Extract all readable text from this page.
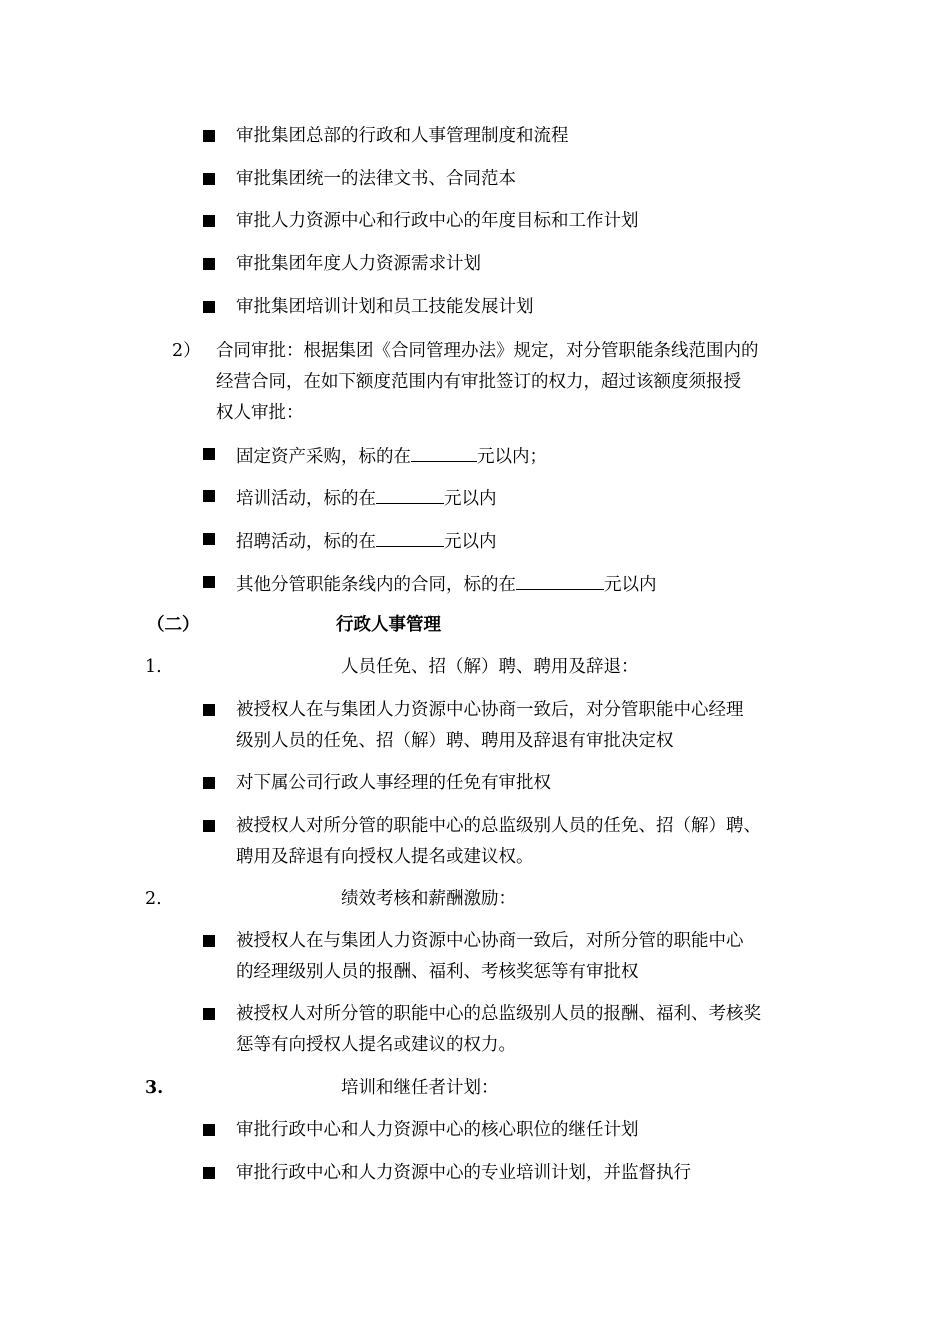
审批集团总部的行政和人事管理制度和流程
审批集团统一的法律文书、合同范本
审批人力资源中心和行政中心的年度目标和工作计划
审批集团年度人力资源需求计划
审批集团培训计划和员工技能发展计划
2） 合同审批：根据集团《合同管理办法》规定，对分管职能条线范围内的
经营合同，在如下额度范围内有审批签订的权力，超过该额度须报授
权人审批：
固定资产采购，标的在	元以内；
培训活动，标的在	元以内
招聘活动，标的在	元以内
其他分管职能条线内的合同，标的在	元以内
（二）	行政人事管理
1.	人员任免、招（解）聘、聘用及辞退：
被授权人在与集团人力资源中心协商一致后，对分管职能中心经理
级别人员的任免、招（解）聘、聘用及辞退有审批决定权
对下属公司行政人事经理的任免有审批权
被授权人对所分管的职能中心的总监级别人员的任免、招（解）聘、
聘用及辞退有向授权人提名或建议权。
2.	绩效考核和薪酬激励：
被授权人在与集团人力资源中心协商一致后，对所分管的职能中心
的经理级别人员的报酬、福利、考核奖惩等有审批权
被授权人对所分管的职能中心的总监级别人员的报酬、福利、考核奖
惩等有向授权人提名或建议的权力。
3.	培训和继任者计划：
审批行政中心和人力资源中心的核心职位的继任计划
审批行政中心和人力资源中心的专业培训计划，并监督执行
